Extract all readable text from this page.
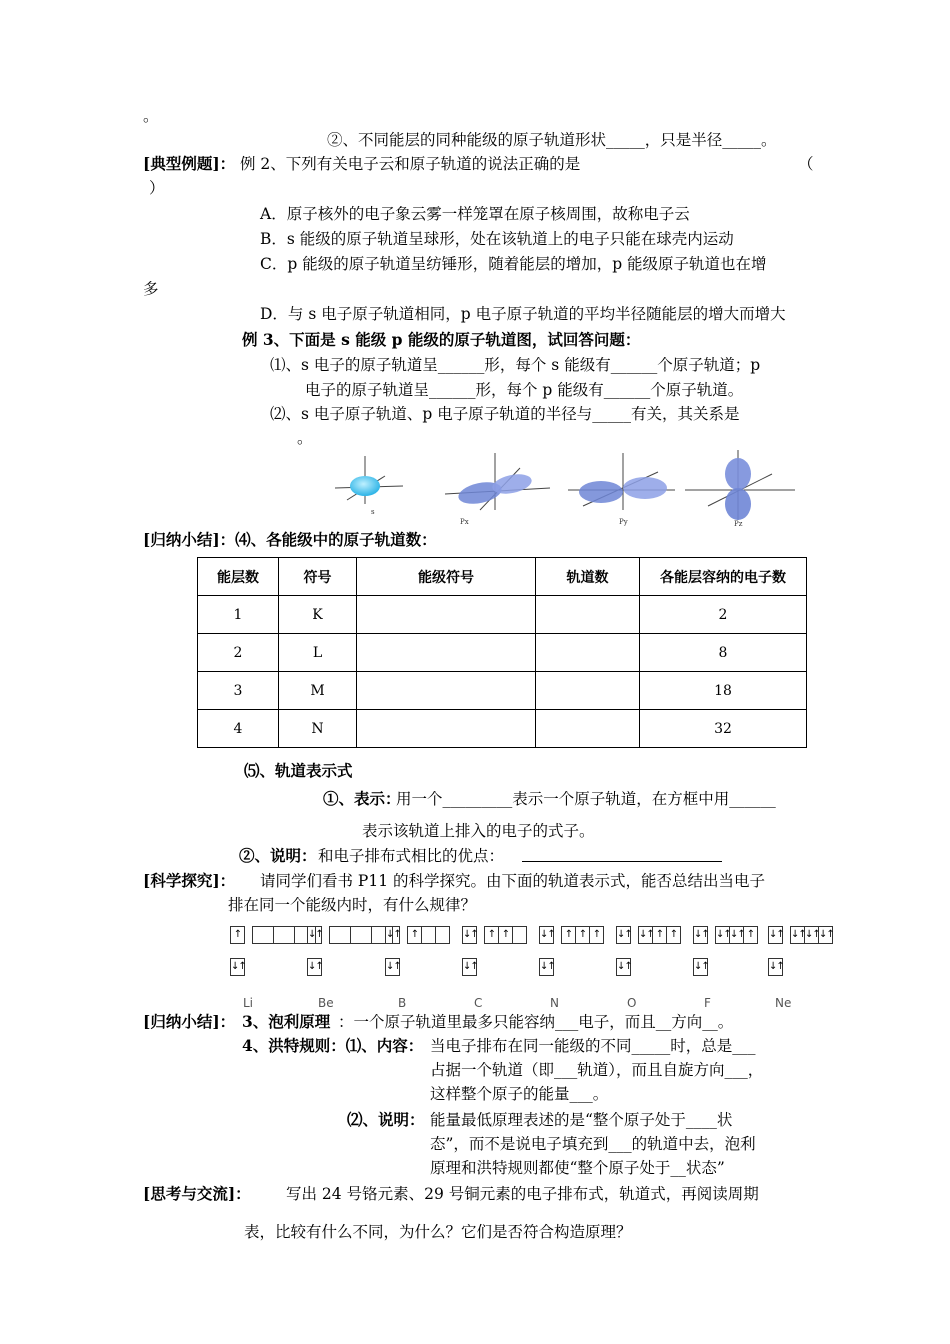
。
②、不同能层的同种能级的原子轨道形状_____，只是半径_____。
[典型例题]： 例 2、下列有关电子云和原子轨道的说法正确的是	（
）
A．原子核外的电子象云雾一样笼罩在原子核周围，故称电子云
B．s 能级的原子轨道呈球形，处在该轨道上的电子只能在球壳内运动
C．p 能级的原子轨道呈纺锤形，随着能层的增加，p 能级原子轨道也在增
多
D．与 s 电子原子轨道相同，p 电子原子轨道的平均半径随能层的增大而增大
例 3、下面是 s 能级 p 能级的原子轨道图，试回答问题：
⑴、s 电子的原子轨道呈______形，每个 s 能级有______个原子轨道；p
电子的原子轨道呈______形，每个 p 能级有______个原子轨道。
⑵、s 电子原子轨道、p 电子原子轨道的半径与_____有关，其关系是
。
s
Px	Py	Pz
[归纳小结]：⑷、各能级中的原子轨道数：
能层数	符号	能级符号	轨道数	各能层容纳的电子数
1	K			2
2	L			8
3	M			18
4	N			32
⑸、轨道表示式
①、表示：
用一个_________表示一个原子轨道，在方框中用______
表示该轨道上排入的电子的式子。
②、说明： 和电子排布式相比的优点：
[科学探究]： 请同学们看书 P11 的科学探究。由下面的轨道表示式，能否总结出当电子
排在同一个能级内时，有什么规律？
↑
↓↑
↓↑
↓↑
↓↑	↑
↓↑
↓↑	↑ ↑
↓↑
↓↑	↑ ↑ ↑
↓↑
↓↑ ↓↑ ↑ ↑
↓↑
↓↑ ↓↑ ↓↑ ↑
↓↑
↓↑ ↓↑ ↓↑ ↓↑
↓↑
Li	Be	B	C	N	O	F	Ne
[归纳小结]： 3、泡利原理 ：一个原子轨道里最多只能容纳___电子，而且__方向__。
4、洪特规则：⑴、内容： 当电子排布在同一能级的不同_____时，总是___
占据一个轨道（即___轨道），而且自旋方向___，
这样整个原子的能量___。
⑵、说明： 能量最低原理表述的是“整个原子处于____状
态”，而不是说电子填充到___的轨道中去，泡利
原理和洪特规则都使“整个原子处于__状态”
[思考与交流]： 写出 24 号铬元素、29 号铜元素的电子排布式，轨道式，再阅读周期
表，比较有什么不同，为什么？它们是否符合构造原理？
